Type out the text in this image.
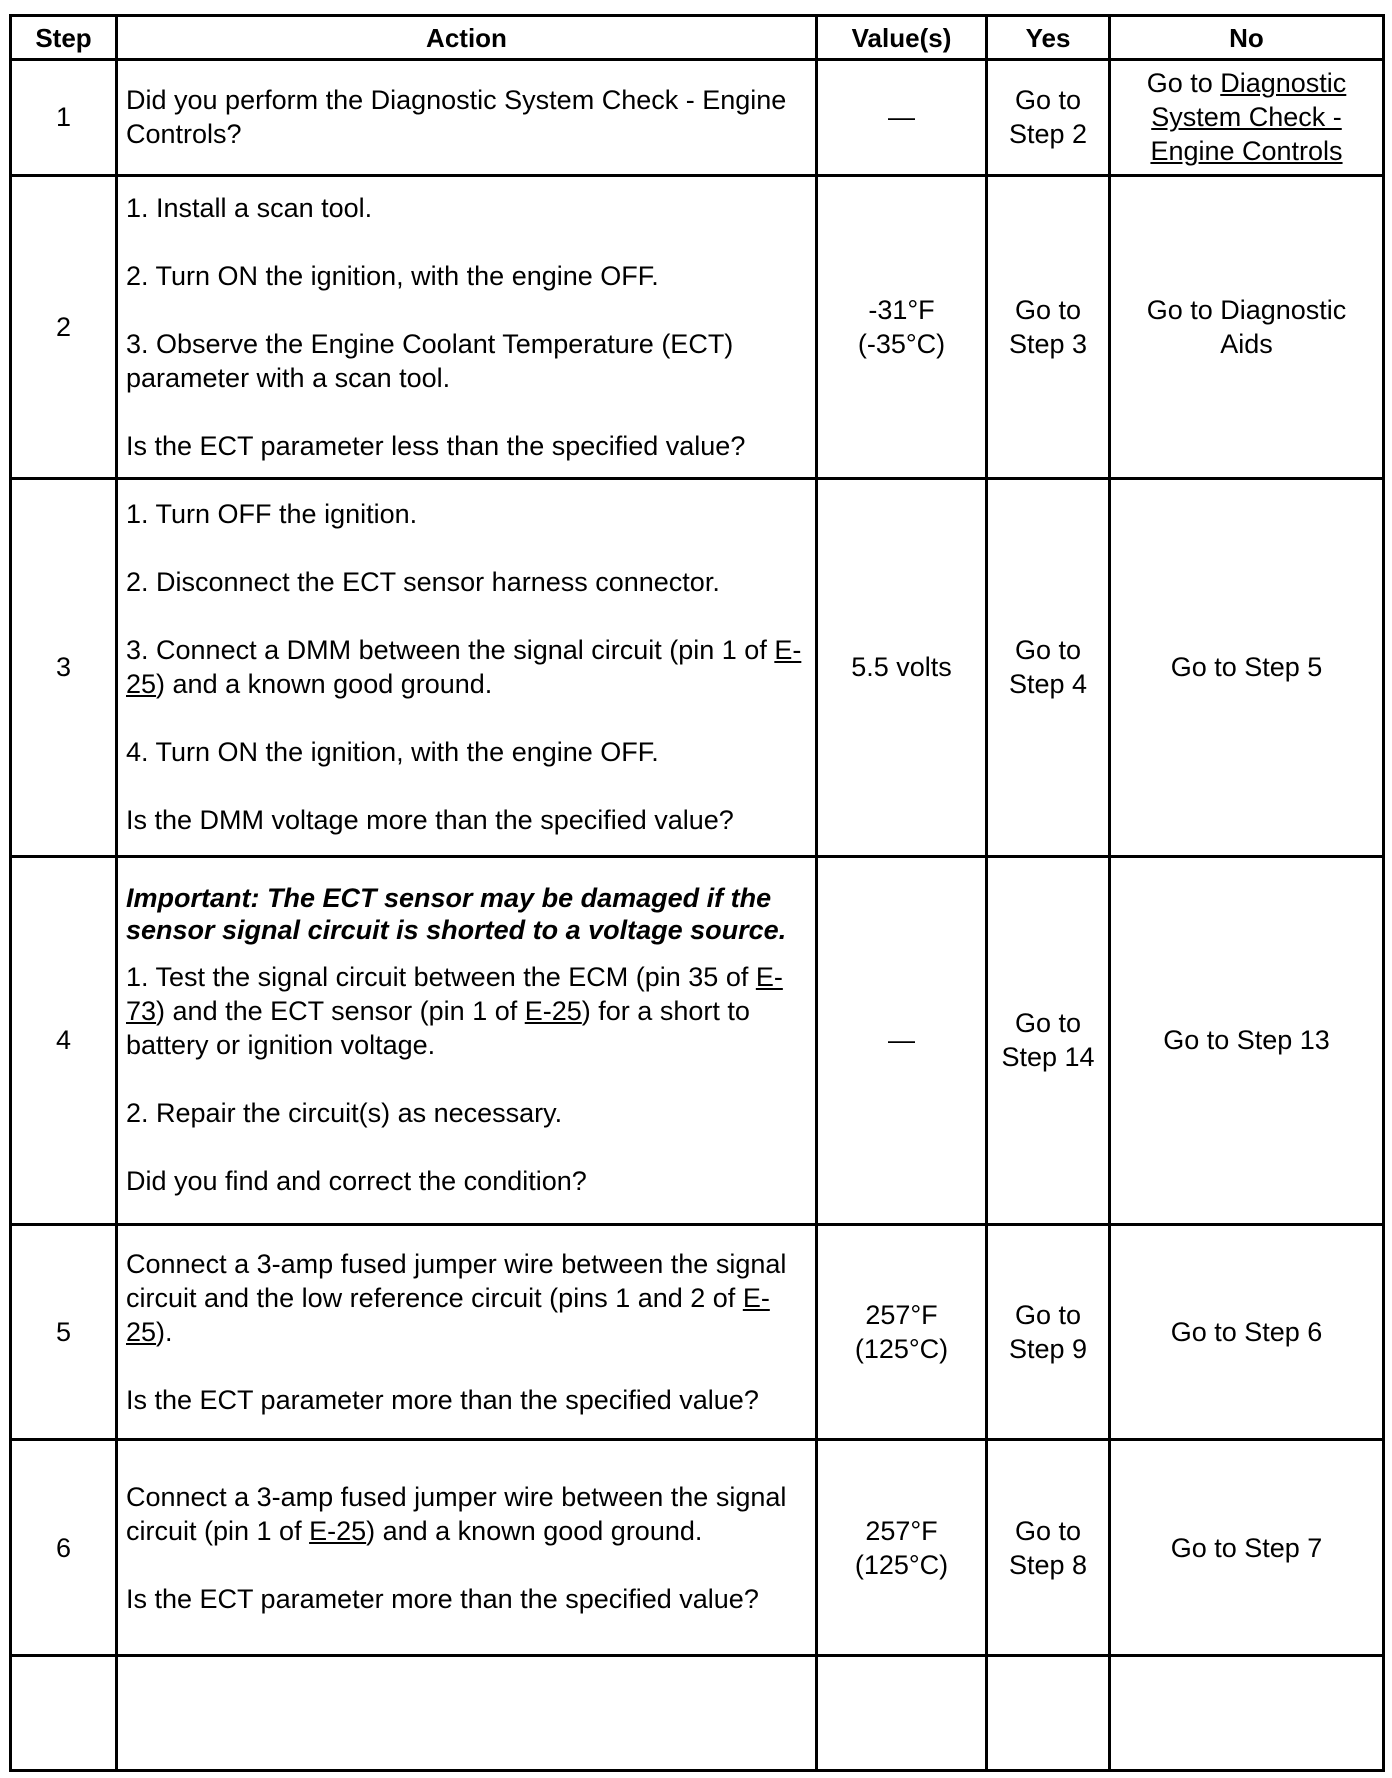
Step	Action	Value(s)	Yes	No
1	Did you perform the Diagnostic System Check - Engine Controls?	—	Go to Step 2	Go to Diagnostic System Check - Engine Controls
2	1. Install a scan tool.

2. Turn ON the ignition, with the engine OFF.

3. Observe the Engine Coolant Temperature (ECT) parameter with a scan tool.

Is the ECT parameter less than the specified value?	-31°F (-35°C)	Go to Step 3	Go to Diagnostic Aids
3	1. Turn OFF the ignition.

2. Disconnect the ECT sensor harness connector.

3. Connect a DMM between the signal circuit (pin 1 of E-25) and a known good ground.

4. Turn ON the ignition, with the engine OFF.

Is the DMM voltage more than the specified value?	5.5 volts	Go to Step 4	Go to Step 5
4	Important: The ECT sensor may be damaged if the sensor signal circuit is shorted to a voltage source.

1. Test the signal circuit between the ECM (pin 35 of E-73) and the ECT sensor (pin 1 of E-25) for a short to battery or ignition voltage.

2. Repair the circuit(s) as necessary.

Did you find and correct the condition?	—	Go to Step 14	Go to Step 13
5	Connect a 3-amp fused jumper wire between the signal circuit and the low reference circuit (pins 1 and 2 of E-25).

Is the ECT parameter more than the specified value?	257°F (125°C)	Go to Step 9	Go to Step 6
6	Connect a 3-amp fused jumper wire between the signal circuit (pin 1 of E-25) and a known good ground.

Is the ECT parameter more than the specified value?	257°F (125°C)	Go to Step 8	Go to Step 7
